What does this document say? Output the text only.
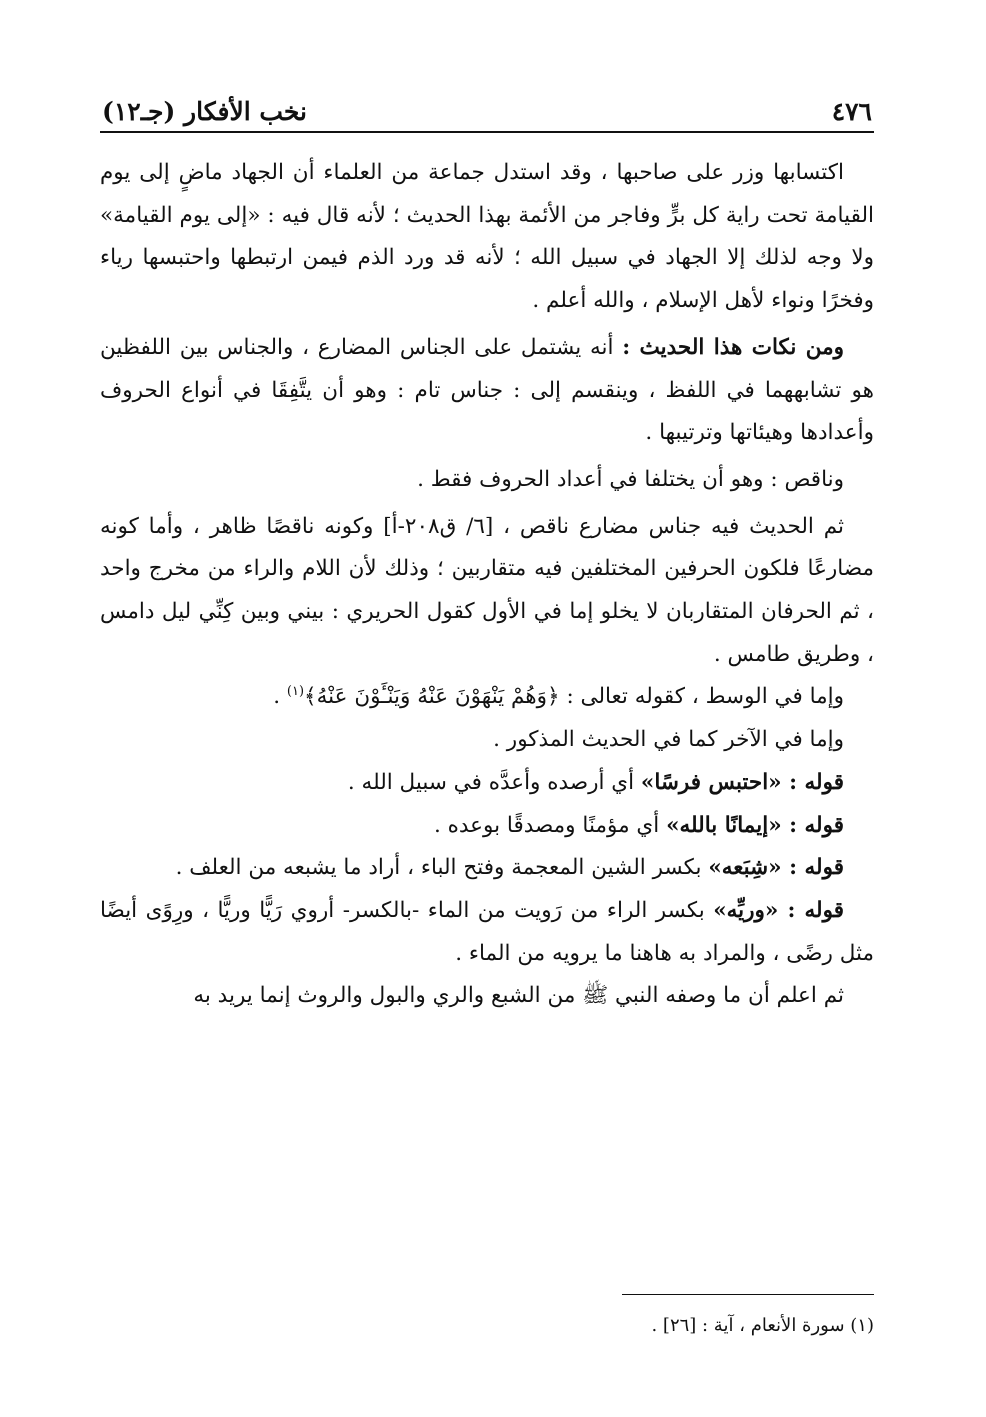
٤٧٦
نخب الأفكار (جـ١٢)

اكتسابها وزر على صاحبها ، وقد استدل جماعة من العلماء أن الجهاد ماضٍ إلى يوم القيامة تحت راية كل برٍّ وفاجر من الأئمة بهذا الحديث ؛ لأنه قال فيه : «إلى يوم القيامة» ولا وجه لذلك إلا الجهاد في سبيل الله ؛ لأنه قد ورد الذم فيمن ارتبطها واحتبسها رياء وفخرًا ونواء لأهل الإسلام ، والله أعلم .

ومن نكات هذا الحديث : أنه يشتمل على الجناس المضارع ، والجناس بين اللفظين هو تشابههما في اللفظ ، وينقسم إلى : جناس تام : وهو أن يتَّفِقَا في أنواع الحروف وأعدادها وهيئاتها وترتيبها .

وناقص : وهو أن يختلفا في أعداد الحروف فقط .

ثم الحديث فيه جناس مضارع ناقص ، [٦/ ق٢٠٨-أ] وكونه ناقصًا ظاهر ، وأما كونه مضارعًا فلكون الحرفين المختلفين فيه متقاربين ؛ وذلك لأن اللام والراء من مخرج واحد ، ثم الحرفان المتقاربان لا يخلو إما في الأول كقول الحريري : بيني وبين كِنِّي ليل دامس ، وطريق طامس .

وإما في الوسط ، كقوله تعالى : ﴿وَهُمْ يَنْهَوْنَ عَنْهُ وَيَنْـَٔوْنَ عَنْهُ﴾$^{(١)}$ .

وإما في الآخر كما في الحديث المذكور .

قوله : «احتبس فرسًا» أي أرصده وأعدَّه في سبيل الله .

قوله : «إيمانًا بالله» أي مؤمنًا ومصدقًا بوعده .

قوله : «شِبَعه» بكسر الشين المعجمة وفتح الباء ، أراد ما يشبعه من العلف .

قوله : «وريِّه» بكسر الراء من رَويت من الماء -بالكسر- أروي رَيًّا وريًّا ، ورِوًى أيضًا مثل رضًى ، والمراد به هاهنا ما يرويه من الماء .

ثم اعلم أن ما وصفه النبي ﷺ من الشبع والري والبول والروث إنما يريد به

(١) سورة الأنعام ، آية : [٢٦] .
